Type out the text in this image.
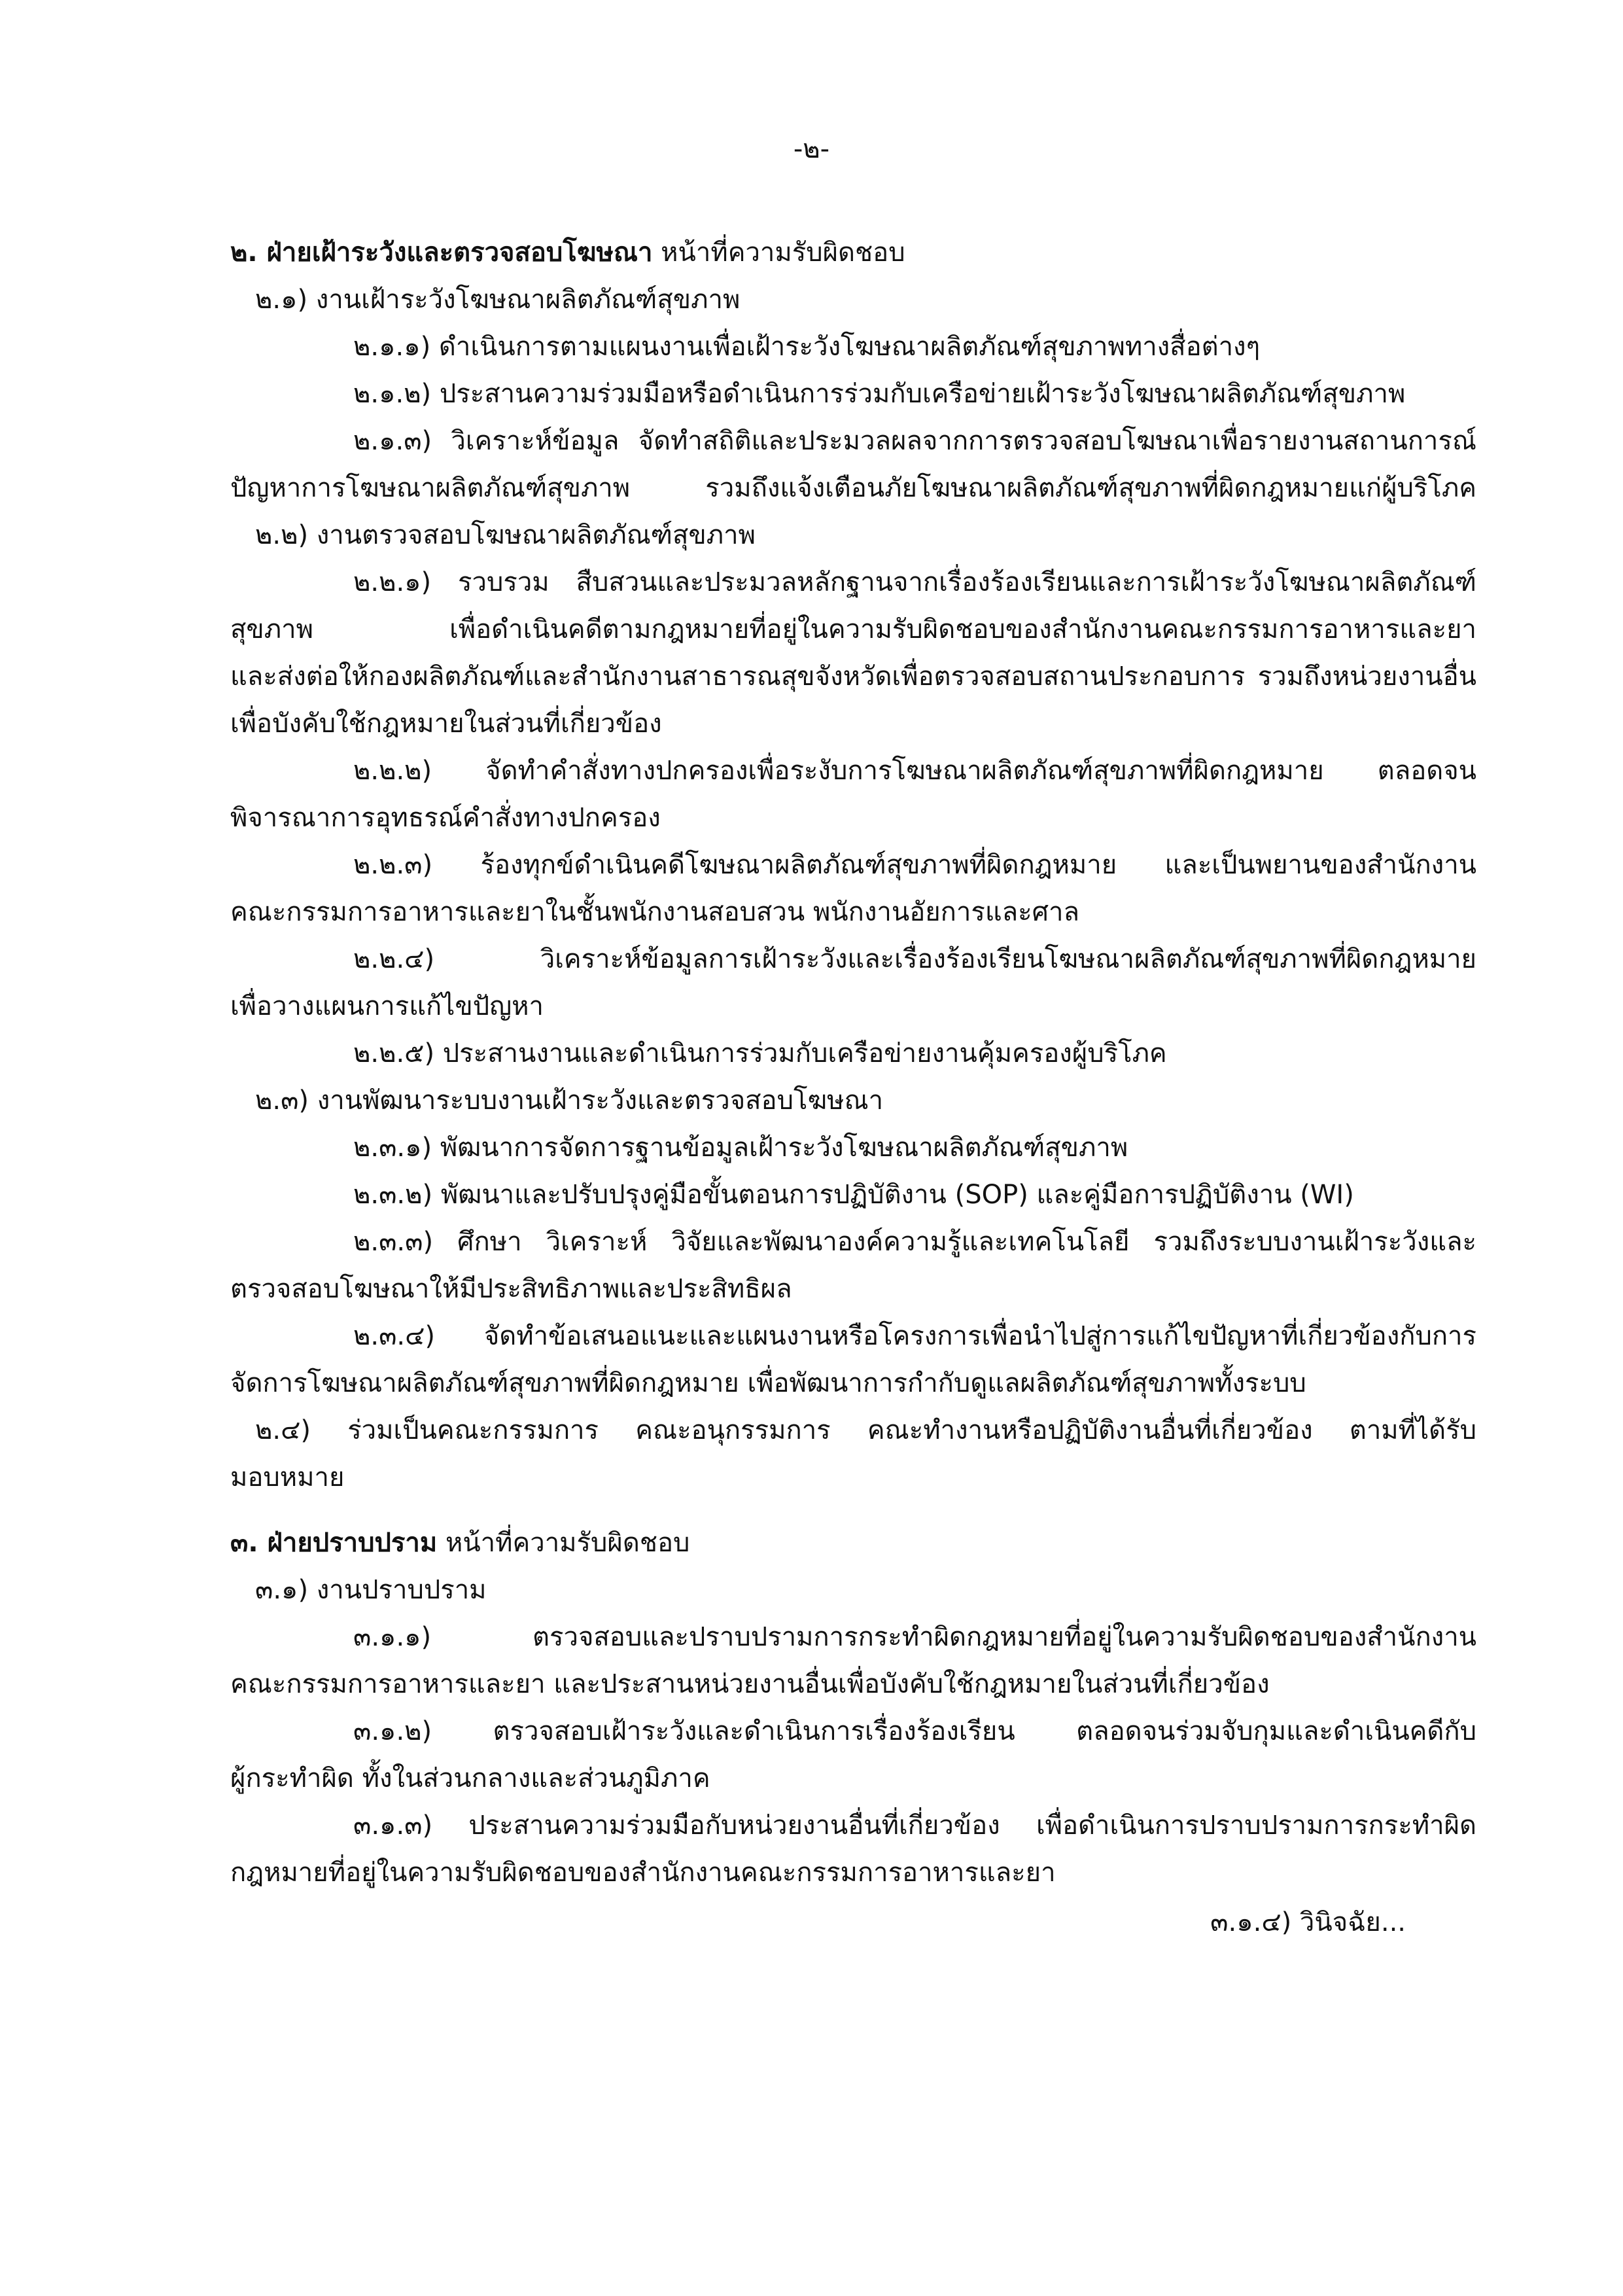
-๒-
๒. ฝ่ายเฝ้าระวังและตรวจสอบโฆษณา หน้าที่ความรับผิดชอบ
๒.๑) งานเฝ้าระวังโฆษณาผลิตภัณฑ์สุขภาพ
๒.๑.๑) ดำเนินการตามแผนงานเพื่อเฝ้าระวังโฆษณาผลิตภัณฑ์สุขภาพทางสื่อต่างๆ
๒.๑.๒) ประสานความร่วมมือหรือดำเนินการร่วมกับเครือข่ายเฝ้าระวังโฆษณาผลิตภัณฑ์สุขภาพ
๒.๑.๓) วิเคราะห์ข้อมูล จัดทำสถิติและประมวลผลจากการตรวจสอบโฆษณาเพื่อรายงานสถานการณ์
ปัญหาการโฆษณาผลิตภัณฑ์สุขภาพ รวมถึงแจ้งเตือนภัยโฆษณาผลิตภัณฑ์สุขภาพที่ผิดกฎหมายแก่ผู้บริโภค
๒.๒) งานตรวจสอบโฆษณาผลิตภัณฑ์สุขภาพ
๒.๒.๑) รวบรวม สืบสวนและประมวลหลักฐานจากเรื่องร้องเรียนและการเฝ้าระวังโฆษณาผลิตภัณฑ์
สุขภาพ เพื่อดำเนินคดีตามกฎหมายที่อยู่ในความรับผิดชอบของสำนักงานคณะกรรมการอาหารและยา
และส่งต่อให้กองผลิตภัณฑ์และสำนักงานสาธารณสุขจังหวัดเพื่อตรวจสอบสถานประกอบการ รวมถึงหน่วยงานอื่น
เพื่อบังคับใช้กฎหมายในส่วนที่เกี่ยวข้อง
๒.๒.๒) จัดทำคำสั่งทางปกครองเพื่อระงับการโฆษณาผลิตภัณฑ์สุขภาพที่ผิดกฎหมาย ตลอดจน
พิจารณาการอุทธรณ์คำสั่งทางปกครอง
๒.๒.๓) ร้องทุกข์ดำเนินคดีโฆษณาผลิตภัณฑ์สุขภาพที่ผิดกฎหมาย และเป็นพยานของสำนักงาน
คณะกรรมการอาหารและยาในชั้นพนักงานสอบสวน พนักงานอัยการและศาล
๒.๒.๔) วิเคราะห์ข้อมูลการเฝ้าระวังและเรื่องร้องเรียนโฆษณาผลิตภัณฑ์สุขภาพที่ผิดกฎหมาย
เพื่อวางแผนการแก้ไขปัญหา
๒.๒.๕) ประสานงานและดำเนินการร่วมกับเครือข่ายงานคุ้มครองผู้บริโภค
๒.๓) งานพัฒนาระบบงานเฝ้าระวังและตรวจสอบโฆษณา
๒.๓.๑) พัฒนาการจัดการฐานข้อมูลเฝ้าระวังโฆษณาผลิตภัณฑ์สุขภาพ
๒.๓.๒) พัฒนาและปรับปรุงคู่มือขั้นตอนการปฏิบัติงาน (SOP) และคู่มือการปฏิบัติงาน (WI)
๒.๓.๓) ศึกษา วิเคราะห์ วิจัยและพัฒนาองค์ความรู้และเทคโนโลยี รวมถึงระบบงานเฝ้าระวังและ
ตรวจสอบโฆษณาให้มีประสิทธิภาพและประสิทธิผล
๒.๓.๔) จัดทำข้อเสนอแนะและแผนงานหรือโครงการเพื่อนำไปสู่การแก้ไขปัญหาที่เกี่ยวข้องกับการ
จัดการโฆษณาผลิตภัณฑ์สุขภาพที่ผิดกฎหมาย เพื่อพัฒนาการกำกับดูแลผลิตภัณฑ์สุขภาพทั้งระบบ
๒.๔) ร่วมเป็นคณะกรรมการ คณะอนุกรรมการ คณะทำงานหรือปฏิบัติงานอื่นที่เกี่ยวข้อง ตามที่ได้รับ
มอบหมาย
๓. ฝ่ายปราบปราม หน้าที่ความรับผิดชอบ
๓.๑) งานปราบปราม
๓.๑.๑) ตรวจสอบและปราบปรามการกระทำผิดกฎหมายที่อยู่ในความรับผิดชอบของสำนักงาน
คณะกรรมการอาหารและยา และประสานหน่วยงานอื่นเพื่อบังคับใช้กฎหมายในส่วนที่เกี่ยวข้อง
๓.๑.๒) ตรวจสอบเฝ้าระวังและดำเนินการเรื่องร้องเรียน ตลอดจนร่วมจับกุมและดำเนินคดีกับ
ผู้กระทำผิด ทั้งในส่วนกลางและส่วนภูมิภาค
๓.๑.๓) ประสานความร่วมมือกับหน่วยงานอื่นที่เกี่ยวข้อง เพื่อดำเนินการปราบปรามการกระทำผิด
กฎหมายที่อยู่ในความรับผิดชอบของสำนักงานคณะกรรมการอาหารและยา
๓.๑.๔) วินิจฉัย...
